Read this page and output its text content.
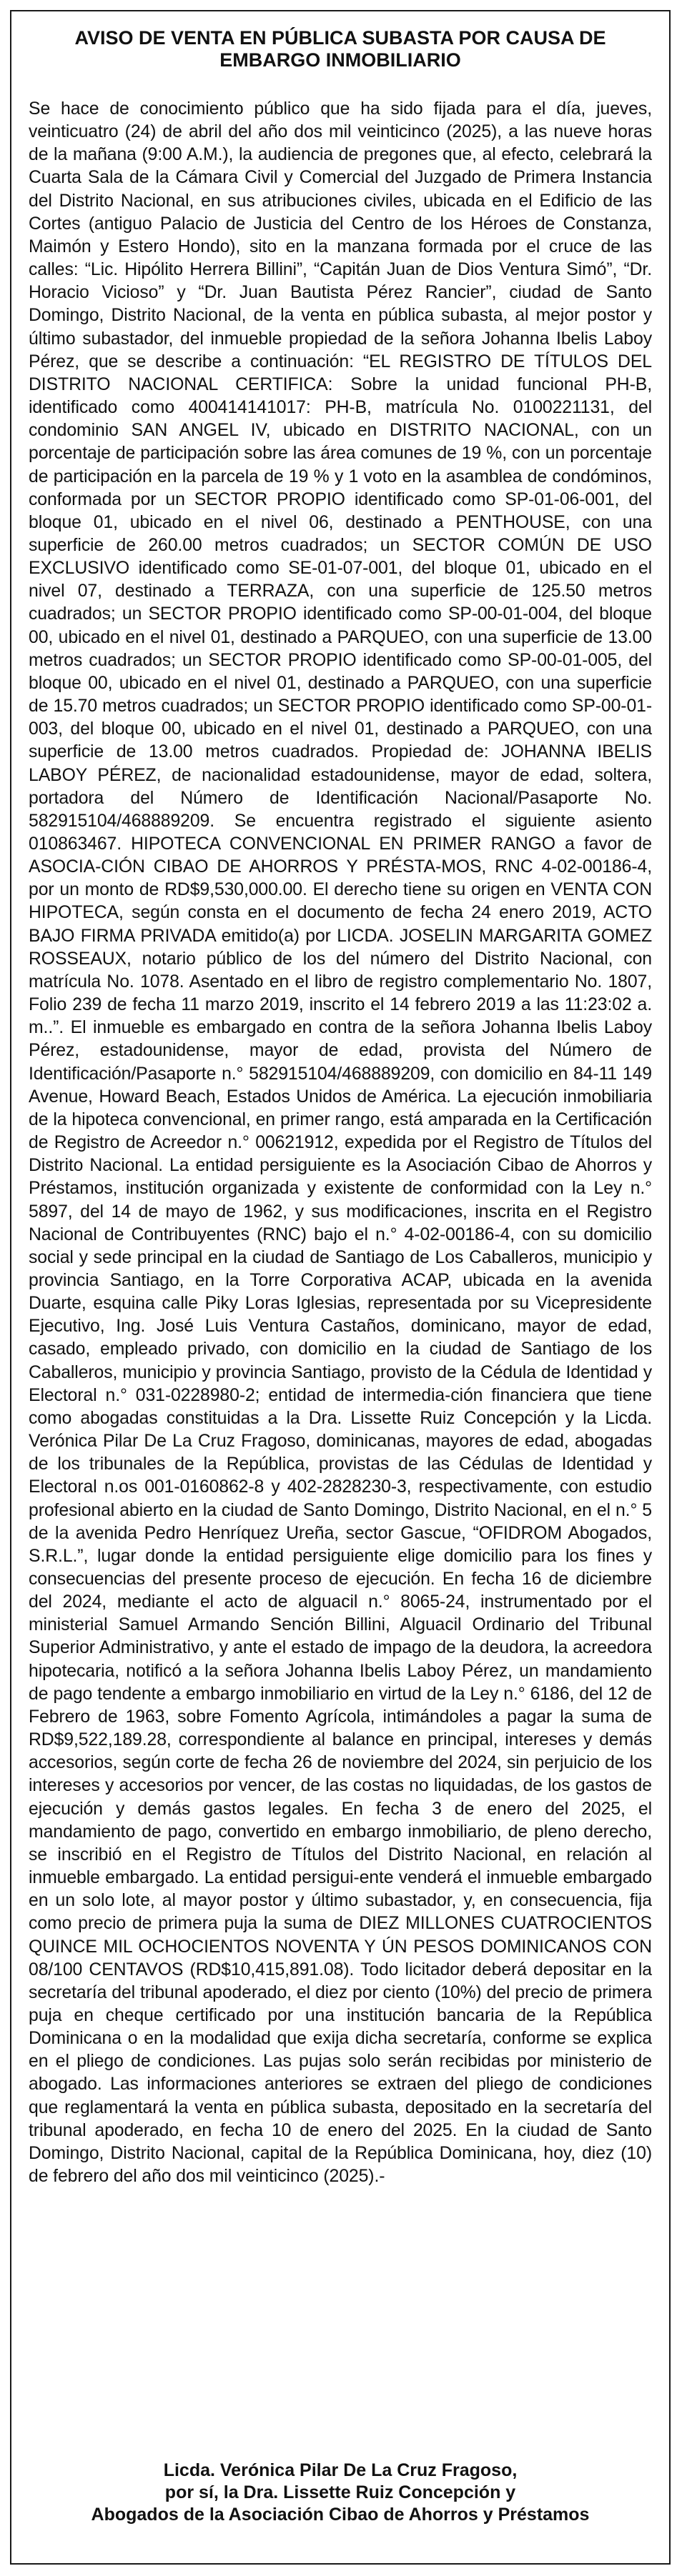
AVISO DE VENTA EN PÚBLICA SUBASTA POR CAUSA DE
EMBARGO INMOBILIARIO
Se hace de conocimiento público que ha sido fijada para el día, jueves, veinticuatro (24) de abril del año dos mil veinticinco (2025), a las nueve horas de la mañana (9:00 A.M.), la audiencia de pregones que, al efecto, celebrará la Cuarta Sala de la Cámara Civil y Comercial del Juzgado de Primera Instancia del Distrito Nacional, en sus atribuciones civiles, ubicada en el Edificio de las Cortes (antiguo Palacio de Justicia del Centro de los Héroes de Constanza, Maimón y Estero Hondo), sito en la manzana formada por el cruce de las calles: “Lic. Hipólito Herrera Billini”, “Capitán Juan de Dios Ventura Simó”, “Dr. Horacio Vicioso” y “Dr. Juan Bautista Pérez Rancier”, ciudad de Santo Domingo, Distrito Nacional, de la venta en pública subasta, al mejor postor y último subastador, del inmueble propiedad de la señora Johanna Ibelis Laboy Pérez, que se describe a continuación: “EL REGISTRO DE TÍTULOS DEL DISTRITO NACIONAL CERTIFICA: Sobre la unidad funcional PH-B, identificado como 400414141017: PH-B, matrícula No. 0100221131, del condominio SAN ANGEL IV, ubicado en DISTRITO NACIONAL, con un porcentaje de participación sobre las área comunes de 19 %, con un porcentaje de participación en la parcela de 19 % y 1 voto en la asamblea de condóminos, conformada por un SECTOR PROPIO identificado como SP-01-06-001, del bloque 01, ubicado en el nivel 06, destinado a PENTHOUSE, con una superficie de 260.00 metros cuadrados; un SECTOR COMÚN DE USO EXCLUSIVO identificado como SE-01-07-001, del bloque 01, ubicado en el nivel 07, destinado a TERRAZA, con una superficie de 125.50 metros cuadrados; un SECTOR PROPIO identificado como SP-00-01-004, del bloque 00, ubicado en el nivel 01, destinado a PARQUEO, con una superficie de 13.00 metros cuadrados; un SECTOR PROPIO identificado como SP-00-01-005, del bloque 00, ubicado en el nivel 01, destinado a PARQUEO, con una superficie de 15.70 metros cuadrados; un SECTOR PROPIO identificado como SP-00-01-003, del bloque 00, ubicado en el nivel 01, destinado a PARQUEO, con una superficie de 13.00 metros cuadrados. Propiedad de: JOHANNA IBELIS LABOY PÉREZ, de nacionalidad estadounidense, mayor de edad, soltera, portadora del Número de Identificación Nacional/Pasaporte No. 582915104/468889209. Se encuentra registrado el siguiente asiento 010863467. HIPOTECA CONVENCIONAL EN PRIMER RANGO a favor de ASOCIA-CIÓN CIBAO DE AHORROS Y PRÉSTA-MOS, RNC 4-02-00186-4, por un monto de RD$9,530,000.00. El derecho tiene su origen en VENTA CON HIPOTECA, según consta en el documento de fecha 24 enero 2019, ACTO BAJO FIRMA PRIVADA emitido(a) por LICDA. JOSELIN MARGARITA GOMEZ ROSSEAUX, notario público de los del número del Distrito Nacional, con matrícula No. 1078. Asentado en el libro de registro complementario No. 1807, Folio 239 de fecha 11 marzo 2019, inscrito el 14 febrero 2019 a las 11:23:02 a. m..”. El inmueble es embargado en contra de la señora Johanna Ibelis Laboy Pérez, estadounidense, mayor de edad, provista del Número de Identificación/Pasaporte n.° 582915104/468889209, con domicilio en 84-11 149 Avenue, Howard Beach, Estados Unidos de América. La ejecución inmobiliaria de la hipoteca convencional, en primer rango, está amparada en la Certificación de Registro de Acreedor n.° 00621912, expedida por el Registro de Títulos del Distrito Nacional. La entidad persiguiente es la Asociación Cibao de Ahorros y Préstamos, institución organizada y existente de conformidad con la Ley n.° 5897, del 14 de mayo de 1962, y sus modificaciones, inscrita en el Registro Nacional de Contribuyentes (RNC) bajo el n.° 4-02-00186-4, con su domicilio social y sede principal en la ciudad de Santiago de Los Caballeros, municipio y provincia Santiago, en la Torre Corporativa ACAP, ubicada en la avenida Duarte, esquina calle Piky Loras Iglesias, representada por su Vicepresidente Ejecutivo, Ing. José Luis Ventura Castaños, dominicano, mayor de edad, casado, empleado privado, con domicilio en la ciudad de Santiago de los Caballeros, municipio y provincia Santiago, provisto de la Cédula de Identidad y Electoral n.° 031-0228980-2; entidad de intermedia-ción financiera que tiene como abogadas constituidas a la Dra. Lissette Ruiz Concepción y la Licda. Verónica Pilar De La Cruz Fragoso, dominicanas, mayores de edad, abogadas de los tribunales de la República, provistas de las Cédulas de Identidad y Electoral n.os 001-0160862-8 y 402-2828230-3, respectivamente, con estudio profesional abierto en la ciudad de Santo Domingo, Distrito Nacional, en el n.° 5 de la avenida Pedro Henríquez Ureña, sector Gascue, “OFIDROM Abogados, S.R.L.”, lugar donde la entidad persiguiente elige domicilio para los fines y consecuencias del presente proceso de ejecución. En fecha 16 de diciembre del 2024, mediante el acto de alguacil n.° 8065-24, instrumentado por el ministerial Samuel Armando Sención Billini, Alguacil Ordinario del Tribunal Superior Administrativo, y ante el estado de impago de la deudora, la acreedora hipotecaria, notificó a la señora Johanna Ibelis Laboy Pérez, un mandamiento de pago tendente a embargo inmobiliario en virtud de la Ley n.° 6186, del 12 de Febrero de 1963, sobre Fomento Agrícola, intimándoles a pagar la suma de RD$9,522,189.28, correspondiente al balance en principal, intereses y demás accesorios, según corte de fecha 26 de noviembre del 2024, sin perjuicio de los intereses y accesorios por vencer, de las costas no liquidadas, de los gastos de ejecución y demás gastos legales. En fecha 3 de enero del 2025, el mandamiento de pago, convertido en embargo inmobiliario, de pleno derecho, se inscribió en el Registro de Títulos del Distrito Nacional, en relación al inmueble embargado. La entidad persigui-ente venderá el inmueble embargado en un solo lote, al mayor postor y último subastador, y, en consecuencia, fija como precio de primera puja la suma de DIEZ MILLONES CUATROCIENTOS QUINCE MIL OCHOCIENTOS NOVENTA Y ÚN PESOS DOMINICANOS CON 08/100 CENTAVOS (RD$10,415,891.08). Todo licitador deberá depositar en la secretaría del tribunal apoderado, el diez por ciento (10%) del precio de primera puja en cheque certificado por una institución bancaria de la República Dominicana o en la modalidad que exija dicha secretaría, conforme se explica en el pliego de condiciones. Las pujas solo serán recibidas por ministerio de abogado. Las informaciones anteriores se extraen del pliego de condiciones que reglamentará la venta en pública subasta, depositado en la secretaría del tribunal apoderado, en fecha 10 de enero del 2025. En la ciudad de Santo Domingo, Distrito Nacional, capital de la República Dominicana, hoy, diez (10) de febrero del año dos mil veinticinco (2025).-
Licda. Verónica Pilar De La Cruz Fragoso,
por sí, la Dra. Lissette Ruiz Concepción y
Abogados de la Asociación Cibao de Ahorros y Préstamos
